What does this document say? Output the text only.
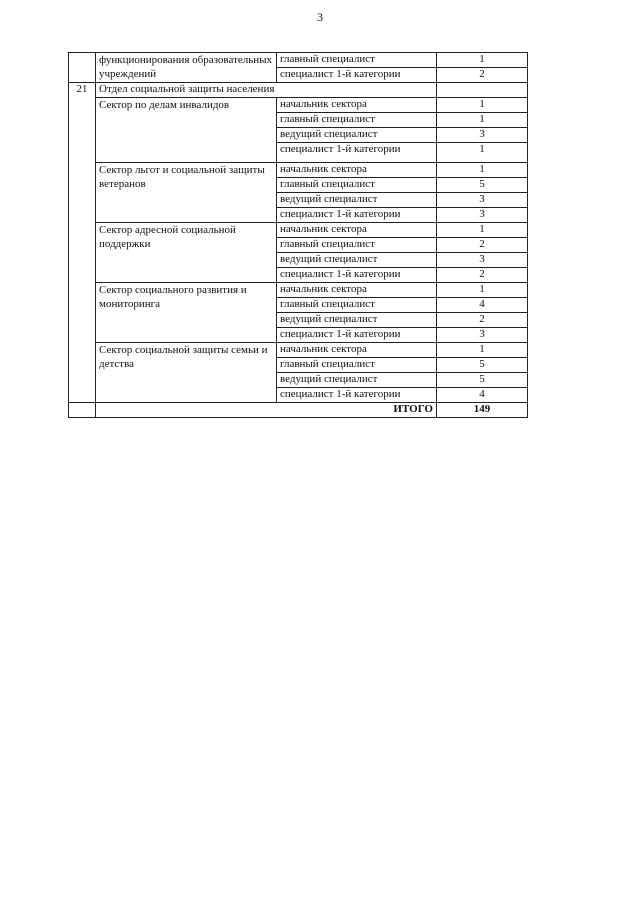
3
	функционирования образовательных учреждений	главный специалист	1
		специалист 1-й категории	2
21	Отдел социальной защиты населения		
	Сектор по делам инвалидов	начальник сектора	1
		главный специалист	1
		ведущий специалист	3
		специалист 1-й категории	1
	Сектор льгот и социальной защиты ветеранов	начальник сектора	1
		главный специалист	5
		ведущий специалист	3
		специалист 1-й категории	3
	Сектор адресной социальной поддержки	начальник сектора	1
		главный специалист	2
		ведущий специалист	3
		специалист 1-й категории	2
	Сектор социального развития и мониторинга	начальник сектора	1
		главный специалист	4
		ведущий специалист	2
		специалист 1-й категории	3
	Сектор социальной защиты семьи и детства	начальник сектора	1
		главный специалист	5
		ведущий специалист	5
		специалист 1-й категории	4
	ИТОГО		149
